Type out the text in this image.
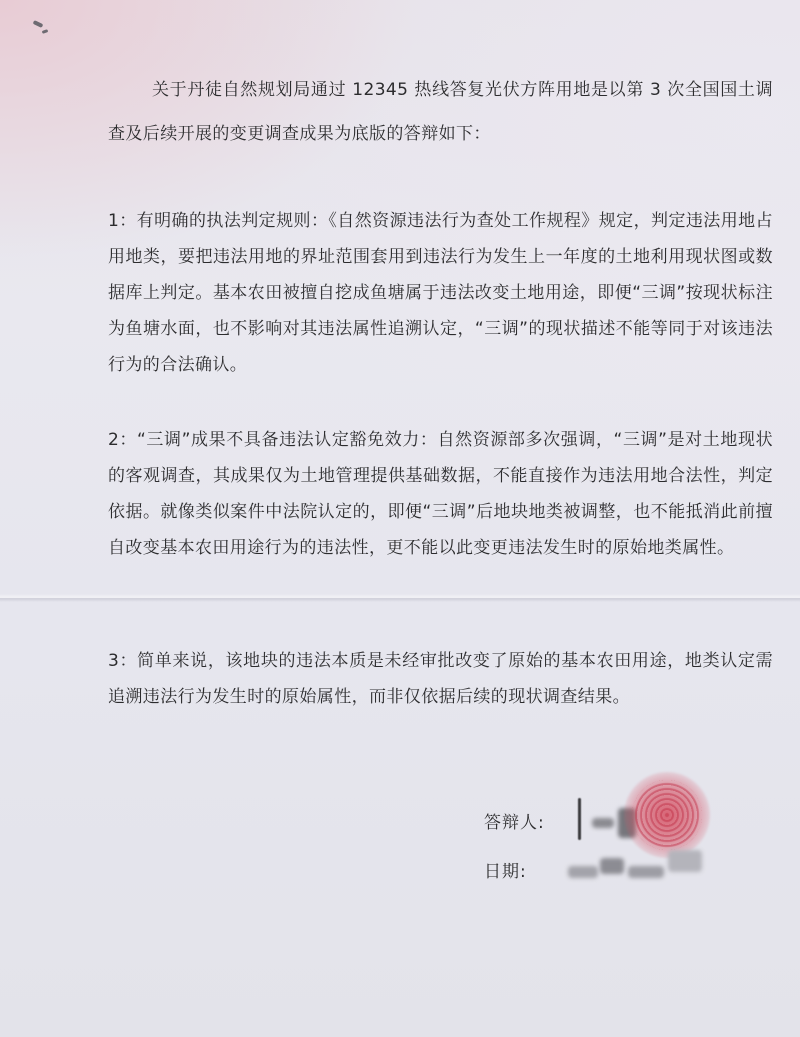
关于丹徒自然规划局通过 12345 热线答复光伏方阵用地是以第 3 次全国国土调查及后续开展的变更调查成果为底版的答辩如下：

1：有明确的执法判定规则：《自然资源违法行为查处工作规程》规定，判定违法用地占用地类，要把违法用地的界址范围套用到违法行为发生上一年度的土地利用现状图或数据库上判定。基本农田被擅自挖成鱼塘属于违法改变土地用途，即便“三调”按现状标注为鱼塘水面，也不影响对其违法属性追溯认定，“三调”的现状描述不能等同于对该违法行为的合法确认。

2：“三调”成果不具备违法认定豁免效力：自然资源部多次强调，“三调”是对土地现状的客观调查，其成果仅为土地管理提供基础数据，不能直接作为违法用地合法性，判定依据。就像类似案件中法院认定的，即便“三调”后地块地类被调整，也不能抵消此前擅自改变基本农田用途行为的违法性，更不能以此变更违法发生时的原始地类属性。

3：简单来说，该地块的违法本质是未经审批改变了原始的基本农田用途，地类认定需追溯违法行为发生时的原始属性，而非仅依据后续的现状调查结果。

答辩人:
日期:
